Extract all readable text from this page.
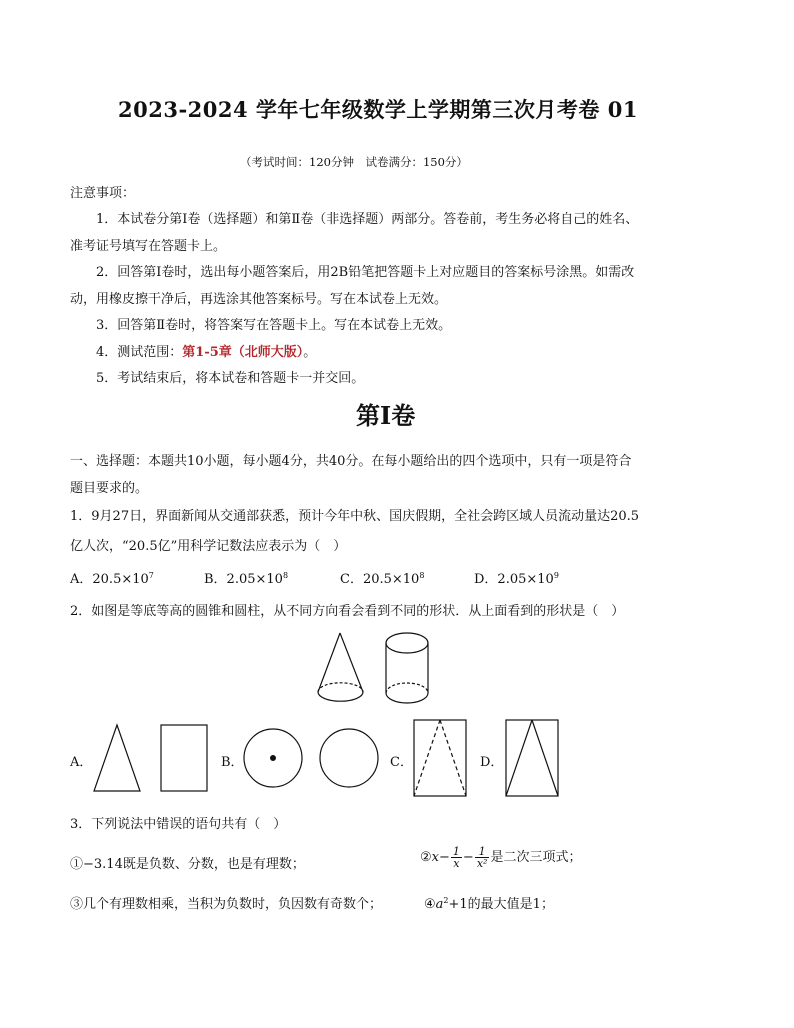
2023-2024 学年七年级数学上学期第三次月考卷 01
（考试时间：120分钟　试卷满分：150分）
注意事项：
1．本试卷分第Ⅰ卷（选择题）和第Ⅱ卷（非选择题）两部分。答卷前，考生务必将自己的姓名、
准考证号填写在答题卡上。
2．回答第Ⅰ卷时，选出每小题答案后，用2B铅笔把答题卡上对应题目的答案标号涂黑。如需改
动，用橡皮擦干净后，再选涂其他答案标号。写在本试卷上无效。
3．回答第Ⅱ卷时，将答案写在答题卡上。写在本试卷上无效。
4．测试范围：第1-5章（北师大版）。
5．考试结束后，将本试卷和答题卡一并交回。
第Ⅰ卷
一、选择题：本题共10小题，每小题4分，共40分。在每小题给出的四个选项中，只有一项是符合
题目要求的。
1．9月27日，界面新闻从交通部获悉，预计今年中秋、国庆假期，全社会跨区域人员流动量达20.5
亿人次，“20.5亿”用科学记数法应表示为（　）
A．$20.5\times 10^7$	B．$2.05\times 10^8$	C．$20.5\times 10^8$	D．$2.05\times 10^9$
2．如图是等底等高的圆锥和圆柱，从不同方向看会看到不同的形状．从上面看到的形状是（　）
A．	B．	C．	D．
3．下列说法中错误的语句共有（　）
①−3.14既是负数、分数，也是有理数；	②x− $\frac{1}{x} - \frac{1}{\text{x²}}$ 是二次三项式；
③几个有理数相乘，当积为负数时，负因数有奇数个；	$④a^2+1$的最大值是1；
